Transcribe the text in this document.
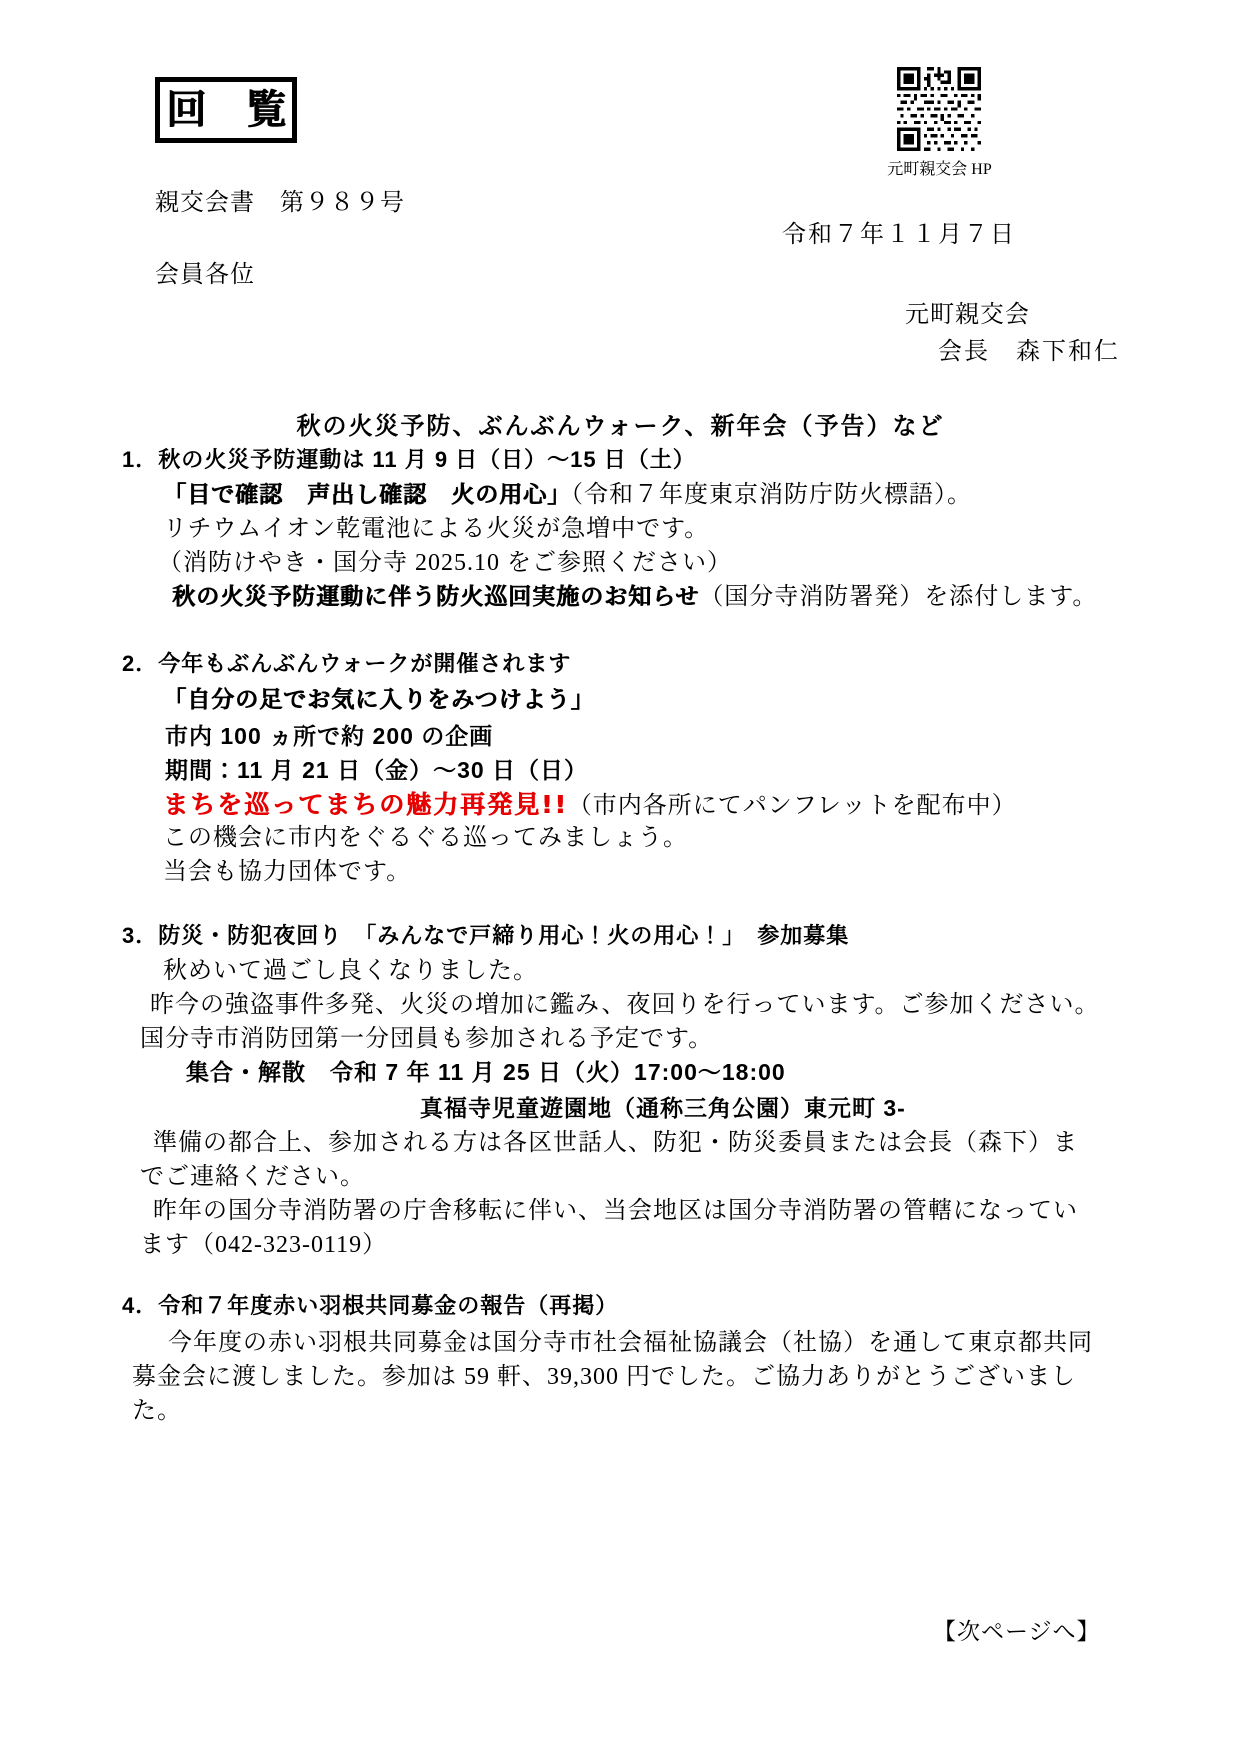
回　覧
元町親交会 HP
親交会書　第９８９号
令和７年１１月７日
会員各位
元町親交会
会長　森下和仁
秋の火災予防、ぶんぶんウォーク、新年会（予告）など
1．秋の火災予防運動は 11 月 9 日（日）～15 日（土）
「目で確認　声出し確認　火の用心」（令和７年度東京消防庁防火標語）。
リチウムイオン乾電池による火災が急増中です。
（消防けやき・国分寺 2025.10 をご参照ください）
秋の火災予防運動に伴う防火巡回実施のお知らせ（国分寺消防署発）を添付します。
2．今年もぶんぶんウォークが開催されます
「自分の足でお気に入りをみつけよう」
市内 100 ヵ所で約 200 の企画
期間：11 月 21 日（金）～30 日（日）
まちを巡ってまちの魅力再発見!!（市内各所にてパンフレットを配布中）
この機会に市内をぐるぐる巡ってみましょう。
当会も協力団体です。
3．防災・防犯夜回り　「みんなで戸締り用心！火の用心！」　参加募集
秋めいて過ごし良くなりました。
昨今の強盗事件多発、火災の増加に鑑み、夜回りを行っています。ご参加ください。
国分寺市消防団第一分団員も参加される予定です。
集合・解散　令和 7 年 11 月 25 日（火）17:00～18:00
真福寺児童遊園地（通称三角公園）東元町 3-
準備の都合上、参加される方は各区世話人、防犯・防災委員または会長（森下）ま
でご連絡ください。
昨年の国分寺消防署の庁舎移転に伴い、当会地区は国分寺消防署の管轄になってい
ます（042-323-0119）
4．令和７年度赤い羽根共同募金の報告（再掲）
今年度の赤い羽根共同募金は国分寺市社会福祉協議会（社協）を通して東京都共同
募金会に渡しました。参加は 59 軒、39,300 円でした。ご協力ありがとうございまし
た。
【次ページへ】
